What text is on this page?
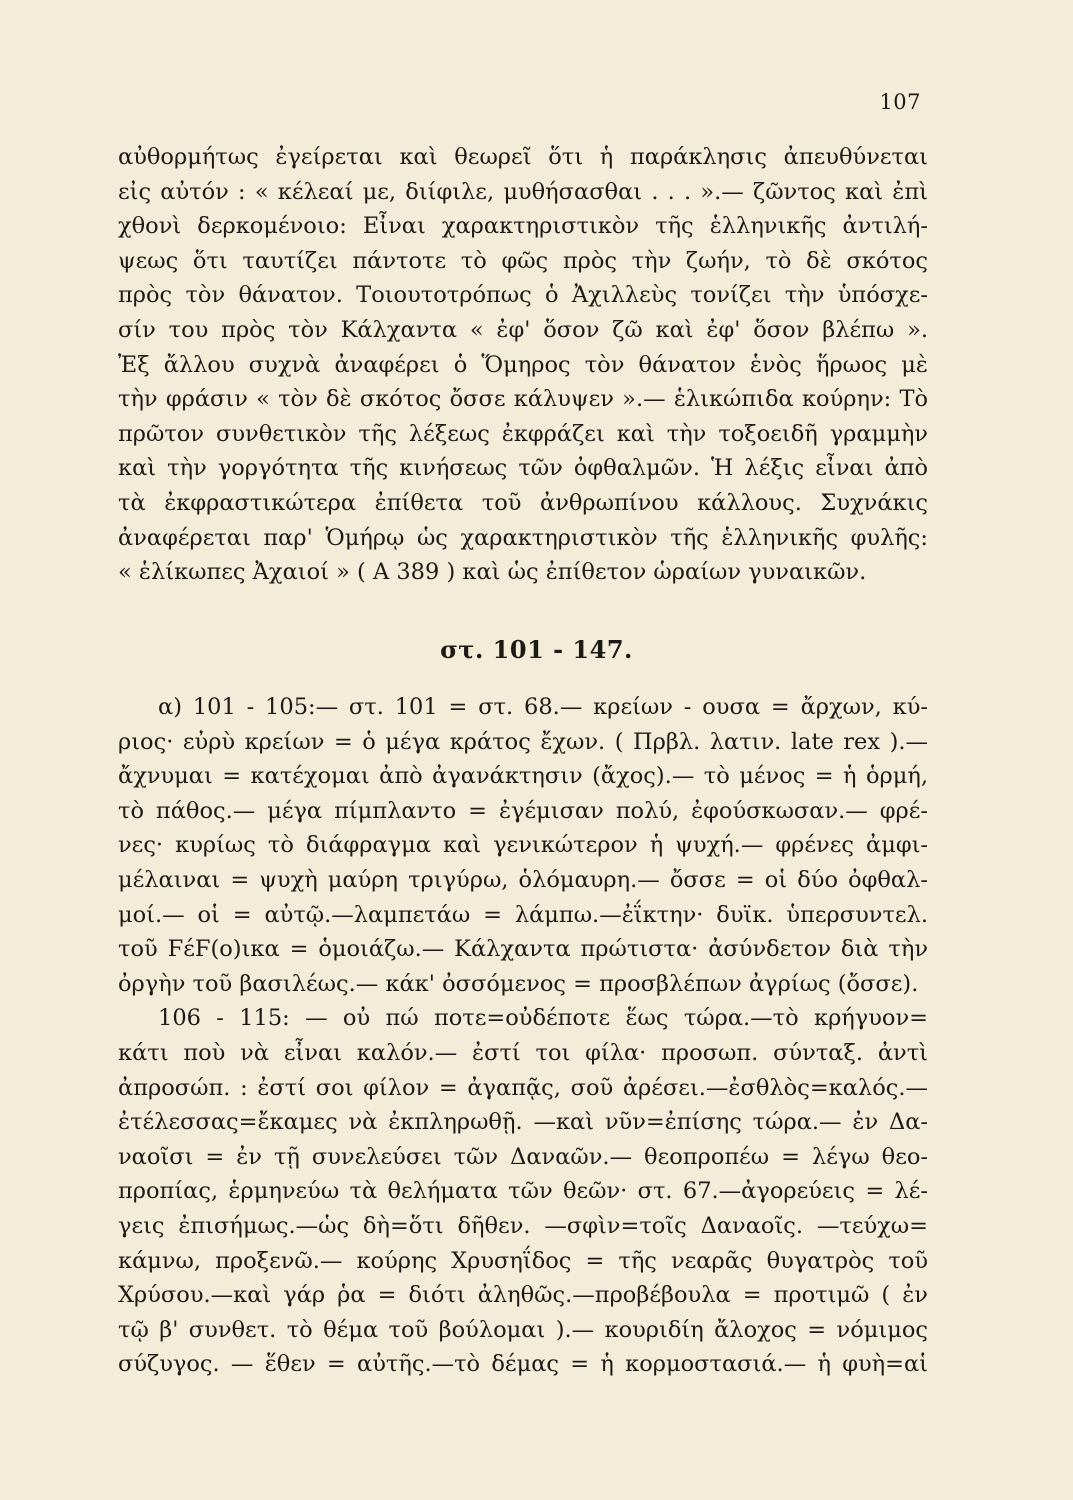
107
αὐθορμήτως ἐγείρεται καὶ θεωρεῖ ὅτι ἡ παράκλησις ἀπευθύνεται
εἰς αὐτόν : « κέλεαί με, διίφιλε, μυθήσασθαι . . . ».— ζῶντος καὶ ἐπὶ
χθονὶ δερκομένοιο: Εἶναι χαρακτηριστικὸν τῆς ἑλληνικῆς ἀντιλή-
ψεως ὅτι ταυτίζει πάντοτε τὸ φῶς πρὸς τὴν ζωήν, τὸ δὲ σκότος
πρὸς τὸν θάνατον. Τοιουτοτρόπως ὁ Ἀχιλλεὺς τονίζει τὴν ὑπόσχε-
σίν του πρὸς τὸν Κάλχαντα « ἐφ' ὅσον ζῶ καὶ ἐφ' ὅσον βλέπω ».
Ἐξ ἄλλου συχνὰ ἀναφέρει ὁ Ὅμηρος τὸν θάνατον ἑνὸς ἥρωος μὲ
τὴν φράσιν « τὸν δὲ σκότος ὄσσε κάλυψεν ».— ἑλικώπιδα κούρην: Τὸ
πρῶτον συνθετικὸν τῆς λέξεως ἐκφράζει καὶ τὴν τοξοειδῆ γραμμὴν
καὶ τὴν γοργότητα τῆς κινήσεως τῶν ὀφθαλμῶν. Ἡ λέξις εἶναι ἀπὸ
τὰ ἐκφραστικώτερα ἐπίθετα τοῦ ἀνθρωπίνου κάλλους. Συχνάκις
ἀναφέρεται παρ' Ὁμήρῳ ὡς χαρακτηριστικὸν τῆς ἑλληνικῆς φυλῆς:
« ἑλίκωπες Ἀχαιοί » ( Α 389 ) καὶ ὡς ἐπίθετον ὡραίων γυναικῶν.
στ. 101 - 147.
α) 101 - 105:— στ. 101 = στ. 68.— κρείων - ουσα = ἄρχων, κύ-
ριος· εὐρὺ κρείων = ὁ μέγα κράτος ἔχων. ( Πρβλ. λατιν. late rex ).—
ἄχνυμαι = κατέχομαι ἀπὸ ἀγανάκτησιν (ἄχος).— τὸ μένος = ἡ ὁρμή,
τὸ πάθος.— μέγα πίμπλαντο = ἐγέμισαν πολύ, ἐφούσκωσαν.— φρέ-
νες· κυρίως τὸ διάφραγμα καὶ γενικώτερον ἡ ψυχή.— φρένες ἀμφι-
μέλαιναι = ψυχὴ μαύρη τριγύρω, ὁλόμαυρη.— ὄσσε = οἱ δύο ὀφθαλ-
μοί.— οἱ = αὐτῷ.—λαμπετάω = λάμπω.—ἐΐκτην· δυϊκ. ὑπερσυντελ.
τοῦ ϜέϜ(ο)ικα = ὁμοιάζω.— Κάλχαντα πρώτιστα· ἀσύνδετον διὰ τὴν
ὀργὴν τοῦ βασιλέως.— κάκ' ὀσσόμενος = προσβλέπων ἀγρίως (ὄσσε).
106 - 115: — οὐ πώ ποτε=οὐδέποτε ἕως τώρα.—τὸ κρήγυον=
κάτι ποὺ νὰ εἶναι καλόν.— ἐστί τοι φίλα· προσωπ. σύνταξ. ἀντὶ
ἀπροσώπ. : ἐστί σοι φίλον = ἀγαπᾷς, σοῦ ἀρέσει.—ἐσθλὸς=καλός.—
ἐτέλεσσας=ἔκαμες νὰ ἐκπληρωθῇ. —καὶ νῦν=ἐπίσης τώρα.— ἐν Δα-
ναοῖσι = ἐν τῇ συνελεύσει τῶν Δαναῶν.— θεοπροπέω = λέγω θεο-
προπίας, ἑρμηνεύω τὰ θελήματα τῶν θεῶν· στ. 67.—ἀγορεύεις = λέ-
γεις ἐπισήμως.—ὡς δὴ=ὅτι δῆθεν. —σφὶν=τοῖς Δαναοῖς. —τεύχω=
κάμνω, προξενῶ.— κούρης Χρυσηΐδος = τῆς νεαρᾶς θυγατρὸς τοῦ
Χρύσου.—καὶ γάρ ῥα = διότι ἀληθῶς.—προβέβουλα = προτιμῶ ( ἐν
τῷ β' συνθετ. τὸ θέμα τοῦ βούλομαι ).— κουριδίη ἄλοχος = νόμιμος
σύζυγος. — ἕθεν = αὐτῆς.—τὸ δέμας = ἡ κορμοστασιά.— ἡ φυὴ=αἱ
